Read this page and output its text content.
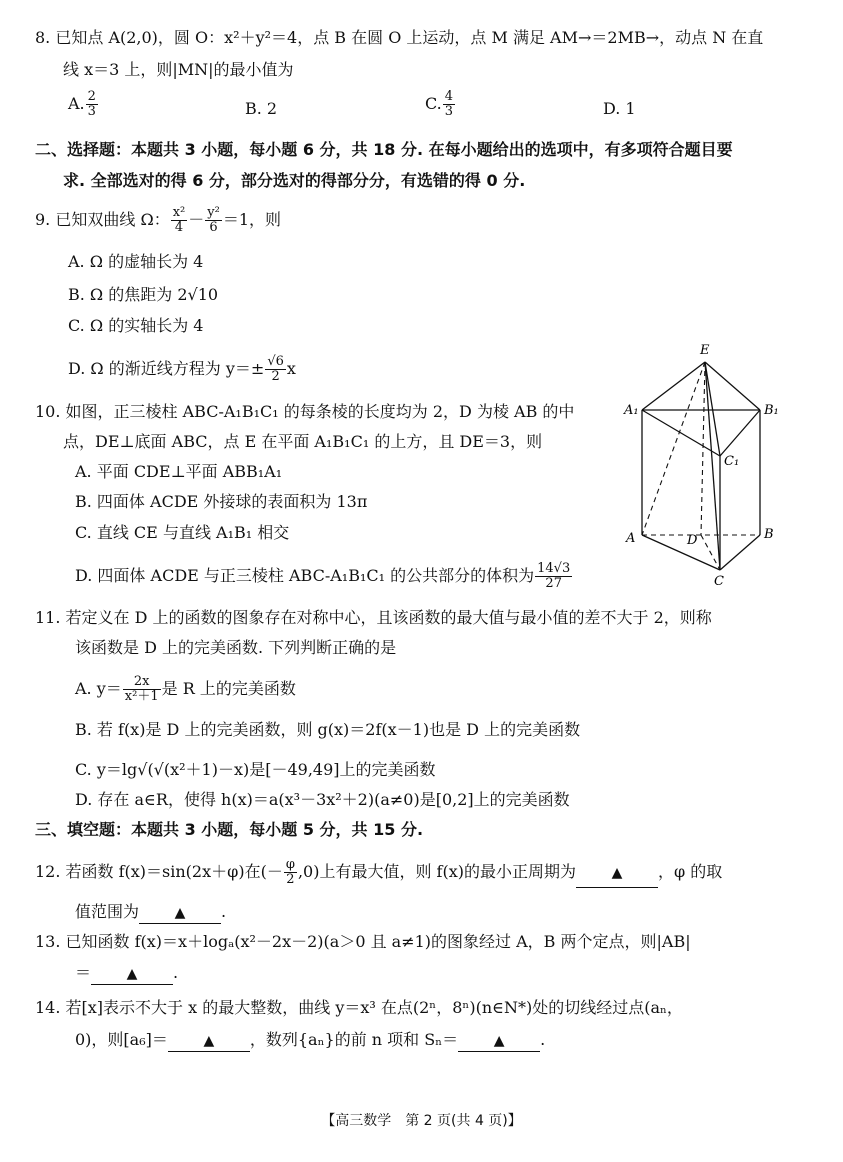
8. 已知点 A(2,0)，圆 O：x²＋y²＝4，点 B 在圆 O 上运动，点 M 满足 AM→＝2MB→，动点 N 在直
线 x＝3 上，则|MN|的最小值为
A. $\frac{2}{3}$	B. 2	C. $\frac{4}{3}$	D. 1
二、选择题：本题共 3 小题，每小题 6 分，共 18 分. 在每小题给出的选项中，有多项符合题目要
求. 全部选对的得 6 分，部分选对的得部分分，有选错的得 0 分.
9. 已知双曲线 Ω： $\frac{\text{x²}}{4} - \frac{\text{y²}}{6} =1$，则
A. Ω 的虚轴长为 4
B. Ω 的焦距为 2√10
C. Ω 的实轴长为 4
D. Ω 的渐近线方程为 $y=\pm \frac{√6}{2}$ x
10. 如图，正三棱柱 ABC-A₁B₁C₁ 的每条棱的长度均为 2，D 为棱 AB 的中
点，DE⊥底面 ABC，点 E 在平面 A₁B₁C₁ 的上方，且 DE＝3，则
A. 平面 CDE⊥平面 ABB₁A₁
B. 四面体 ACDE 外接球的表面积为 13π
C. 直线 CE 与直线 A₁B₁ 相交
D. 四面体 ACDE 与正三棱柱 ABC-A₁B₁C₁ 的公共部分的体积为 $\frac{14√3}{27}$
E
A₁	B₁
C₁
A	D	B
C
11. 若定义在 D 上的函数的图象存在对称中心，且该函数的最大值与最小值的差不大于 2，则称
该函数是 D 上的完美函数. 下列判断正确的是
A. $y= \frac{2x}{\text{x²＋1}}$ 是 R 上的完美函数
B. 若 f(x)是 D 上的完美函数，则 g(x)＝2f(x－1)也是 D 上的完美函数
C. y＝lg√(√(x²＋1)－x)是[－49,49]上的完美函数
D. 存在 a∈R，使得 h(x)＝a(x³－3x²＋2)(a≠0)是[0,2]上的完美函数
三、填空题：本题共 3 小题，每小题 5 分，共 15 分.
12. 若函数 f(x)＝sin(2x＋φ)在(－ $\frac{\varphi}{2} ,0$)上有最大值，则 f(x)的最小正周期为	▲ ，φ 的取
值范围为	▲ .
13. 已知函数 f(x)＝x＋logₐ(x²－2x－2)(a＞0 且 a≠1)的图象经过 A，B 两个定点，则|AB|
＝	▲ .
14. 若[x]表示不大于 x 的最大整数，曲线 y＝x³ 在点(2ⁿ，8ⁿ)(n∈N*)处的切线经过点(aₙ，
0)，则[a₆]＝	▲ ，数列{aₙ}的前 n 项和 Sₙ＝	▲ .
【高三数学　第 2 页(共 4 页)】
